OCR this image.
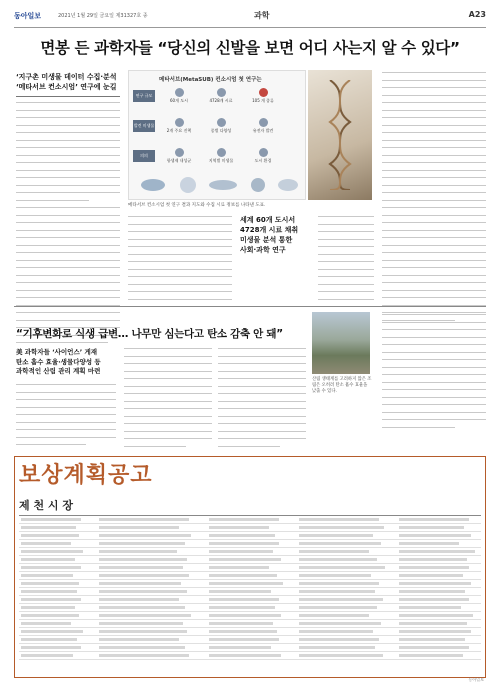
동아일보	2021년 1월 29일 금요일 제31327호 종	과학	A23
면봉 든 과학자들 “당신의 신발을 보면 어디 사는지 알 수 있다”
‘지구촌 미생물 데이터 수집·분석
‘메타서브 컨소시엄’ 연구에 눈길
메타서브(MetaSUB) 컨소시엄 첫 연구는
연구 규모
60개 도시	4728개 시료	105 개 종류
발견 미생물
2개 주요 진핵	종별 다양성	유전자 발견
의의
항생제 내성균	지역별 미생물	도시 환경
메타서브 컨소시엄 첫 연구 결과 지도와 수집 시료 정보를 나타낸 도표.
세계 60개 도시서
4728개 시료 채취
미생물 분석 통한
사회·과학 연구
“기후변화로 식생 급변… 나무만 심는다고 탄소 감축 안 돼”
美 과학자들 ‘사이언스’ 게재
탄소 흡수 효율·생물다양성 등
과학적인 산림 관리 계획 마련
산림 생태계를 고려하지 않은 조림은 오히려 탄소 흡수 효율을 낮출 수 있다.
보상계획공고
제 천 시 장
동아일보
